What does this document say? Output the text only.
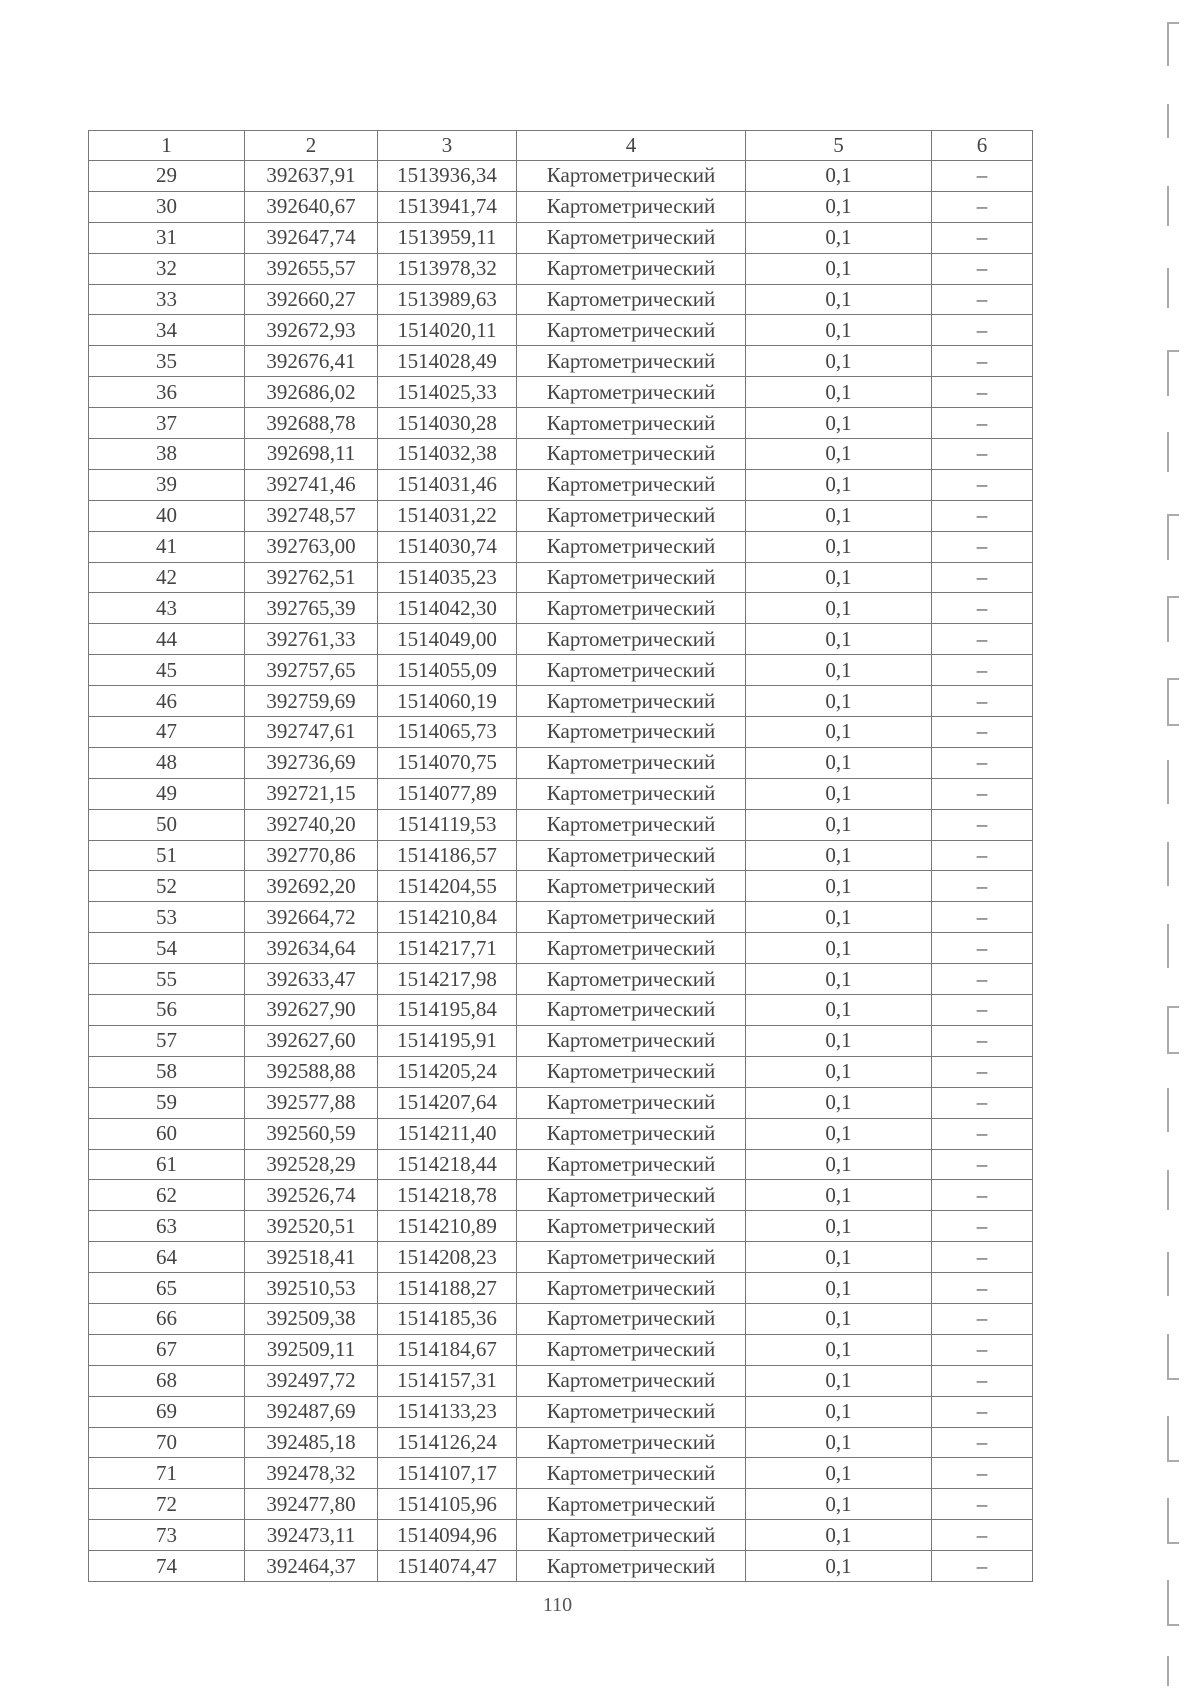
1	2	3	4	5	6
29	392637,91	1513936,34	Картометрический	0,1	–
30	392640,67	1513941,74	Картометрический	0,1	–
31	392647,74	1513959,11	Картометрический	0,1	–
32	392655,57	1513978,32	Картометрический	0,1	–
33	392660,27	1513989,63	Картометрический	0,1	–
34	392672,93	1514020,11	Картометрический	0,1	–
35	392676,41	1514028,49	Картометрический	0,1	–
36	392686,02	1514025,33	Картометрический	0,1	–
37	392688,78	1514030,28	Картометрический	0,1	–
38	392698,11	1514032,38	Картометрический	0,1	–
39	392741,46	1514031,46	Картометрический	0,1	–
40	392748,57	1514031,22	Картометрический	0,1	–
41	392763,00	1514030,74	Картометрический	0,1	–
42	392762,51	1514035,23	Картометрический	0,1	–
43	392765,39	1514042,30	Картометрический	0,1	–
44	392761,33	1514049,00	Картометрический	0,1	–
45	392757,65	1514055,09	Картометрический	0,1	–
46	392759,69	1514060,19	Картометрический	0,1	–
47	392747,61	1514065,73	Картометрический	0,1	–
48	392736,69	1514070,75	Картометрический	0,1	–
49	392721,15	1514077,89	Картометрический	0,1	–
50	392740,20	1514119,53	Картометрический	0,1	–
51	392770,86	1514186,57	Картометрический	0,1	–
52	392692,20	1514204,55	Картометрический	0,1	–
53	392664,72	1514210,84	Картометрический	0,1	–
54	392634,64	1514217,71	Картометрический	0,1	–
55	392633,47	1514217,98	Картометрический	0,1	–
56	392627,90	1514195,84	Картометрический	0,1	–
57	392627,60	1514195,91	Картометрический	0,1	–
58	392588,88	1514205,24	Картометрический	0,1	–
59	392577,88	1514207,64	Картометрический	0,1	–
60	392560,59	1514211,40	Картометрический	0,1	–
61	392528,29	1514218,44	Картометрический	0,1	–
62	392526,74	1514218,78	Картометрический	0,1	–
63	392520,51	1514210,89	Картометрический	0,1	–
64	392518,41	1514208,23	Картометрический	0,1	–
65	392510,53	1514188,27	Картометрический	0,1	–
66	392509,38	1514185,36	Картометрический	0,1	–
67	392509,11	1514184,67	Картометрический	0,1	–
68	392497,72	1514157,31	Картометрический	0,1	–
69	392487,69	1514133,23	Картометрический	0,1	–
70	392485,18	1514126,24	Картометрический	0,1	–
71	392478,32	1514107,17	Картометрический	0,1	–
72	392477,80	1514105,96	Картометрический	0,1	–
73	392473,11	1514094,96	Картометрический	0,1	–
74	392464,37	1514074,47	Картометрический	0,1	–
110
